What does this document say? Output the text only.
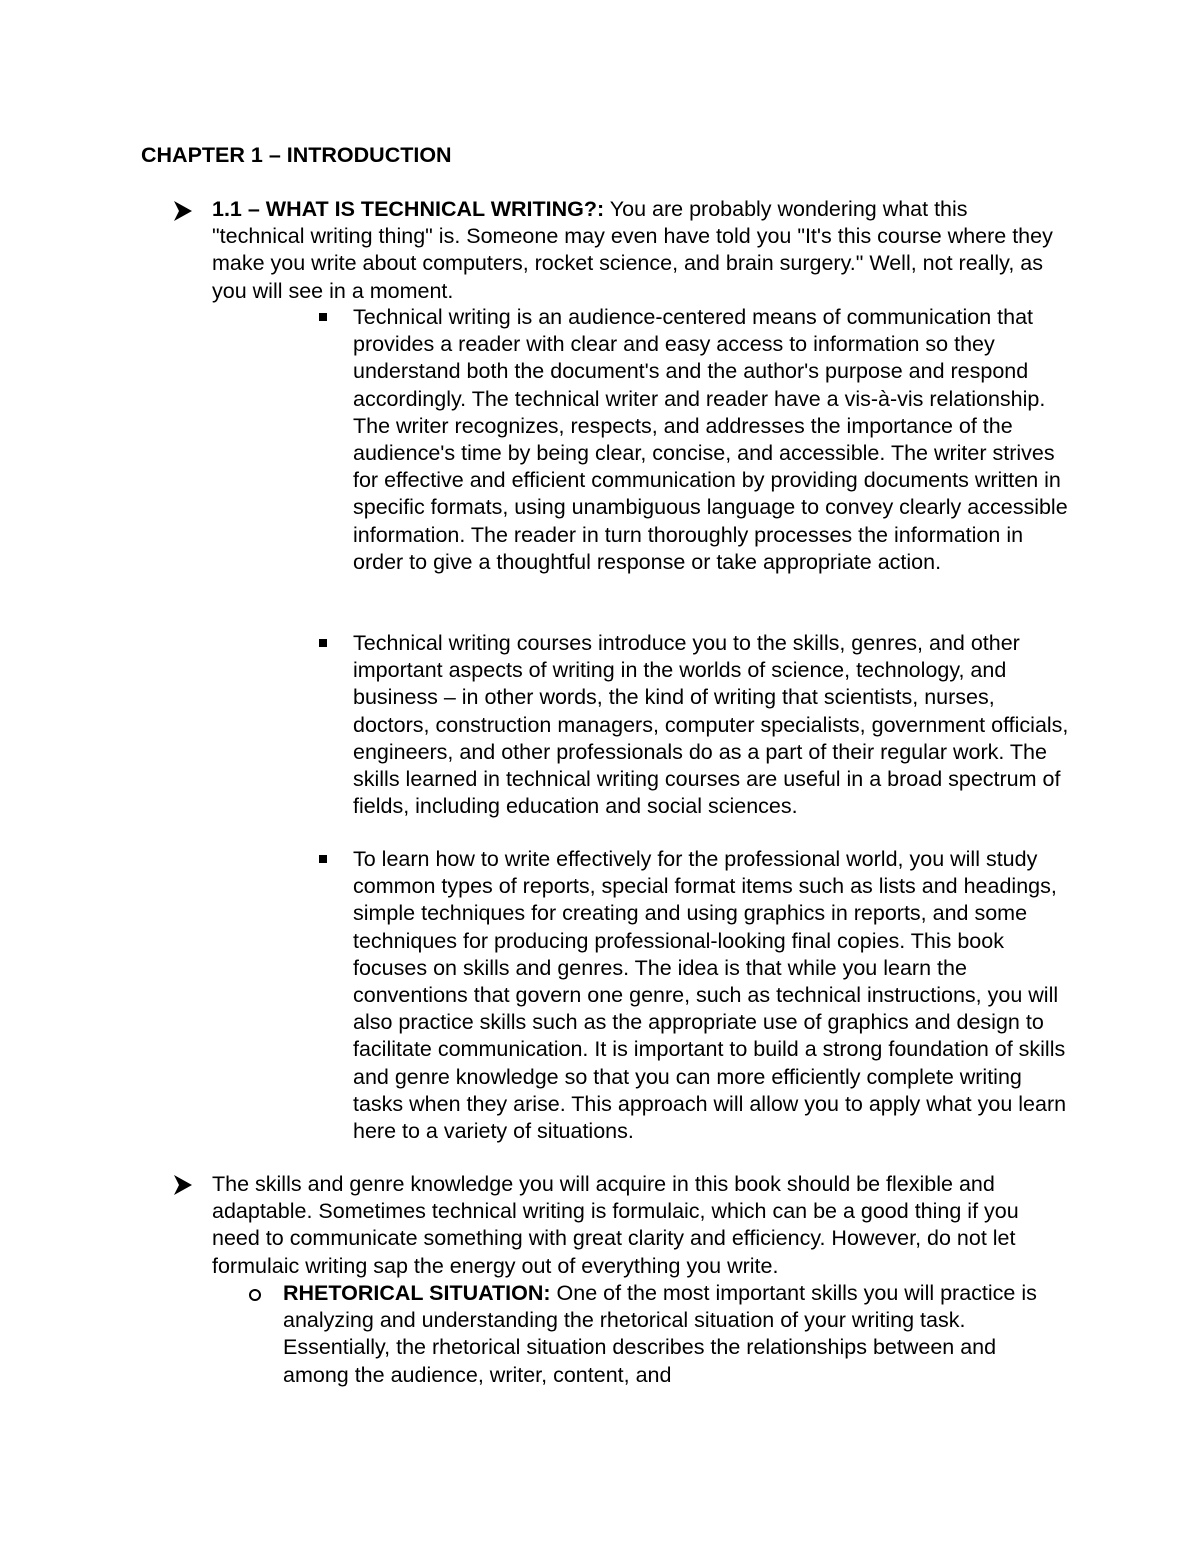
CHAPTER 1 – INTRODUCTION

1.1 – WHAT IS TECHNICAL WRITING?: You are probably wondering what this "technical writing thing" is. Someone may even have told you "It's this course where they make you write about computers, rocket science, and brain surgery." Well, not really, as you will see in a moment.

Technical writing is an audience-centered means of communication that provides a reader with clear and easy access to information so they understand both the document's and the author's purpose and respond accordingly. The technical writer and reader have a vis-à-vis relationship. The writer recognizes, respects, and addresses the importance of the audience's time by being clear, concise, and accessible. The writer strives for effective and efficient communication by providing documents written in specific formats, using unambiguous language to convey clearly accessible information. The reader in turn thoroughly processes the information in order to give a thoughtful response or take appropriate action.

Technical writing courses introduce you to the skills, genres, and other important aspects of writing in the worlds of science, technology, and business – in other words, the kind of writing that scientists, nurses, doctors, construction managers, computer specialists, government officials, engineers, and other professionals do as a part of their regular work. The skills learned in technical writing courses are useful in a broad spectrum of fields, including education and social sciences.

To learn how to write effectively for the professional world, you will study common types of reports, special format items such as lists and headings, simple techniques for creating and using graphics in reports, and some techniques for producing professional-looking final copies. This book focuses on skills and genres. The idea is that while you learn the conventions that govern one genre, such as technical instructions, you will also practice skills such as the appropriate use of graphics and design to facilitate communication. It is important to build a strong foundation of skills and genre knowledge so that you can more efficiently complete writing tasks when they arise. This approach will allow you to apply what you learn here to a variety of situations.

The skills and genre knowledge you will acquire in this book should be flexible and adaptable. Sometimes technical writing is formulaic, which can be a good thing if you need to communicate something with great clarity and efficiency. However, do not let formulaic writing sap the energy out of everything you write.

RHETORICAL SITUATION: One of the most important skills you will practice is analyzing and understanding the rhetorical situation of your writing task. Essentially, the rhetorical situation describes the relationships between and among the audience, writer, content, and
